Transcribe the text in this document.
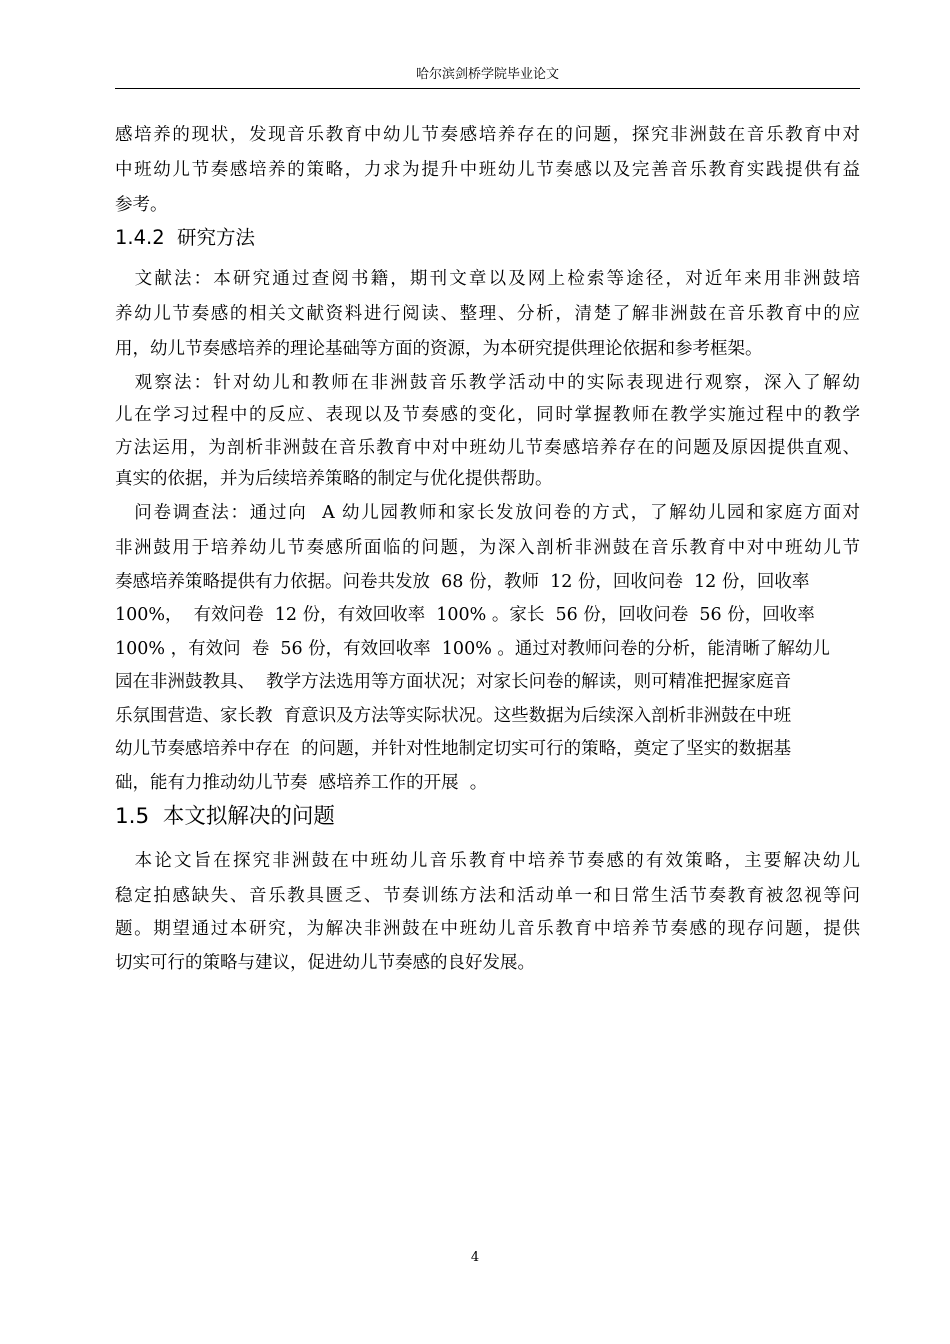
哈尔滨剑桥学院毕业论文
感培养的现状，发现音乐教育中幼儿节奏感培养存在的问题，探究非洲鼓在音乐教育中对
中班幼儿节奏感培养的策略，力求为提升中班幼儿节奏感以及完善音乐教育实践提供有益
参考。
1.4.2  研究方法
　文献法：本研究通过查阅书籍，期刊文章以及网上检索等途径，对近年来用非洲鼓培
养幼儿节奏感的相关文献资料进行阅读、整理、分析，清楚了解非洲鼓在音乐教育中的应
用，幼儿节奏感培养的理论基础等方面的资源，为本研究提供理论依据和参考框架。
　观察法：针对幼儿和教师在非洲鼓音乐教学活动中的实际表现进行观察，深入了解幼
儿在学习过程中的反应、表现以及节奏感的变化，同时掌握教师在教学实施过程中的教学
方法运用，为剖析非洲鼓在音乐教育中对中班幼儿节奏感培养存在的问题及原因提供直观、
真实的依据，并为后续培养策略的制定与优化提供帮助。
　问卷调查法：通过向  A 幼儿园教师和家长发放问卷的方式，了解幼儿园和家庭方面对
非洲鼓用于培养幼儿节奏感所面临的问题，为深入剖析非洲鼓在音乐教育中对中班幼儿节
奏感培养策略提供有力依据。问卷共发放  68 份，教师  12 份，回收问卷  12 份，回收率
100%，  有效问卷  12 份，有效回收率  100% 。家长  56 份，回收问卷  56 份，回收率
100% ，有效问  卷  56 份，有效回收率  100% 。通过对教师问卷的分析，能清晰了解幼儿
园在非洲鼓教具、  教学方法选用等方面状况；对家长问卷的解读，则可精准把握家庭音
乐氛围营造、家长教  育意识及方法等实际状况。这些数据为后续深入剖析非洲鼓在中班
幼儿节奏感培养中存在  的问题，并针对性地制定切实可行的策略，奠定了坚实的数据基
础，能有力推动幼儿节奏  感培养工作的开展  。
1.5  本文拟解决的问题
　本论文旨在探究非洲鼓在中班幼儿音乐教育中培养节奏感的有效策略，主要解决幼儿
稳定拍感缺失、音乐教具匮乏、节奏训练方法和活动单一和日常生活节奏教育被忽视等问
题。期望通过本研究，为解决非洲鼓在中班幼儿音乐教育中培养节奏感的现存问题，提供
切实可行的策略与建议，促进幼儿节奏感的良好发展。
4
